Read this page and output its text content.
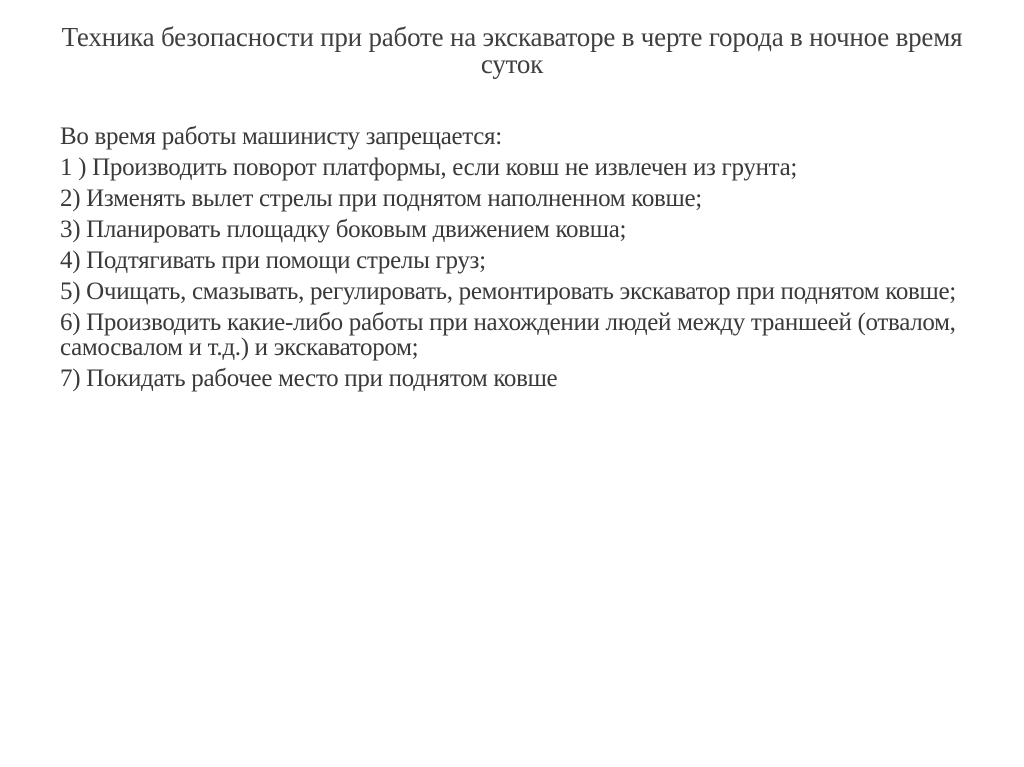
Техника безопасности при работе на экскаваторе в черте города в ночное время суток

Во время работы машинисту запрещается:

1 ) Производить поворот платформы, если ковш не извлечен из грунта;

2) Изменять вылет стрелы при поднятом наполненном ковше;

3) Планировать площадку боковым движением ковша;

4) Подтягивать при помощи стрелы груз;

5) Очищать, смазывать, регулировать, ремонтировать экскаватор при поднятом ковше;

6) Производить какие-либо работы при нахождении людей между траншеей (отвалом, самосвалом и т.д.) и экскаватором;

7) Покидать рабочее место при поднятом ковше
